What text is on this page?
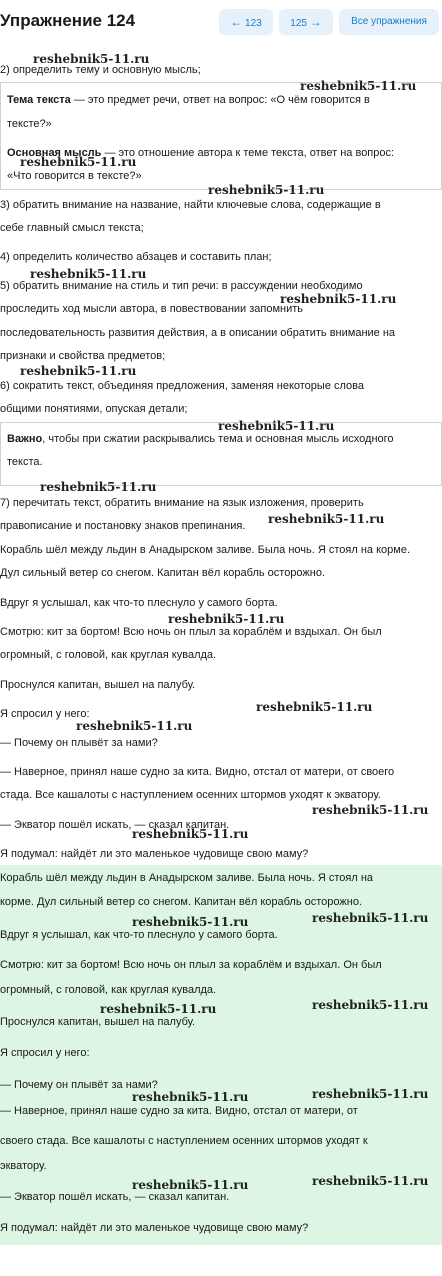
Упражнение 124	← 123	125 →	Все упражнения
2) определить тему и основную мысль;
Тема текста — это предмет речи, ответ на вопрос: «О чём говорится в
тексте?»
Основная мысль — это отношение автора к теме текста, ответ на вопрос:
«Что говорится в тексте?»
3) обратить внимание на название, найти ключевые слова, содержащие в
себе главный смысл текста;
4) определить количество абзацев и составить план;
5) обратить внимание на стиль и тип речи: в рассуждении необходимо
проследить ход мысли автора, в повествовании запомнить
последовательность развития действия, а в описании обратить внимание на
признаки и свойства предметов;
6) сократить текст, объединяя предложения, заменяя некоторые слова
общими понятиями, опуская детали;
Важно, чтобы при сжатии раскрывались тема и основная мысль исходного
текста.
7) перечитать текст, обратить внимание на язык изложения, проверить
правописание и постановку знаков препинания.
Корабль шёл между льдин в Анадырском заливе. Была ночь. Я стоял на корме.
Дул сильный ветер со снегом. Капитан вёл корабль осторожно.
Вдруг я услышал, как что-то плеснуло у самого борта.
Смотрю: кит за бортом! Всю ночь он плыл за кораблём и вздыхал. Он был
огромный, с головой, как круглая кувалда.
Проснулся капитан, вышел на палубу.
Я спросил у него:
— Почему он плывёт за нами?
— Наверное, принял наше судно за кита. Видно, отстал от матери, от своего
стада. Все кашалоты с наступлением осенних штормов уходят к экватору.
— Экватор пошёл искать, — сказал капитан.
Я подумал: найдёт ли это маленькое чудовище свою маму?
Корабль шёл между льдин в Анадырском заливе. Была ночь. Я стоял на
корме. Дул сильный ветер со снегом. Капитан вёл корабль осторожно.
Вдруг я услышал, как что-то плеснуло у самого борта.
Смотрю: кит за бортом! Всю ночь он плыл за кораблём и вздыхал. Он был
огромный, с головой, как круглая кувалда.
Проснулся капитан, вышел на палубу.
Я спросил у него:
— Почему он плывёт за нами?
— Наверное, принял наше судно за кита. Видно, отстал от матери, от
своего стада. Все кашалоты с наступлением осенних штормов уходят к
экватору.
— Экватор пошёл искать, — сказал капитан.
Я подумал: найдёт ли это маленькое чудовище свою маму?
reshebnik5-11.ru
reshebnik5-11.ru
reshebnik5-11.ru
reshebnik5-11.ru
reshebnik5-11.ru
reshebnik5-11.ru
reshebnik5-11.ru
reshebnik5-11.ru
reshebnik5-11.ru
reshebnik5-11.ru
reshebnik5-11.ru
reshebnik5-11.ru
reshebnik5-11.ru
reshebnik5-11.ru
reshebnik5-11.ru
reshebnik5-11.ru
reshebnik5-11.ru
reshebnik5-11.ru
reshebnik5-11.ru
reshebnik5-11.ru
reshebnik5-11.ru
reshebnik5-11.ru
reshebnik5-11.ru
